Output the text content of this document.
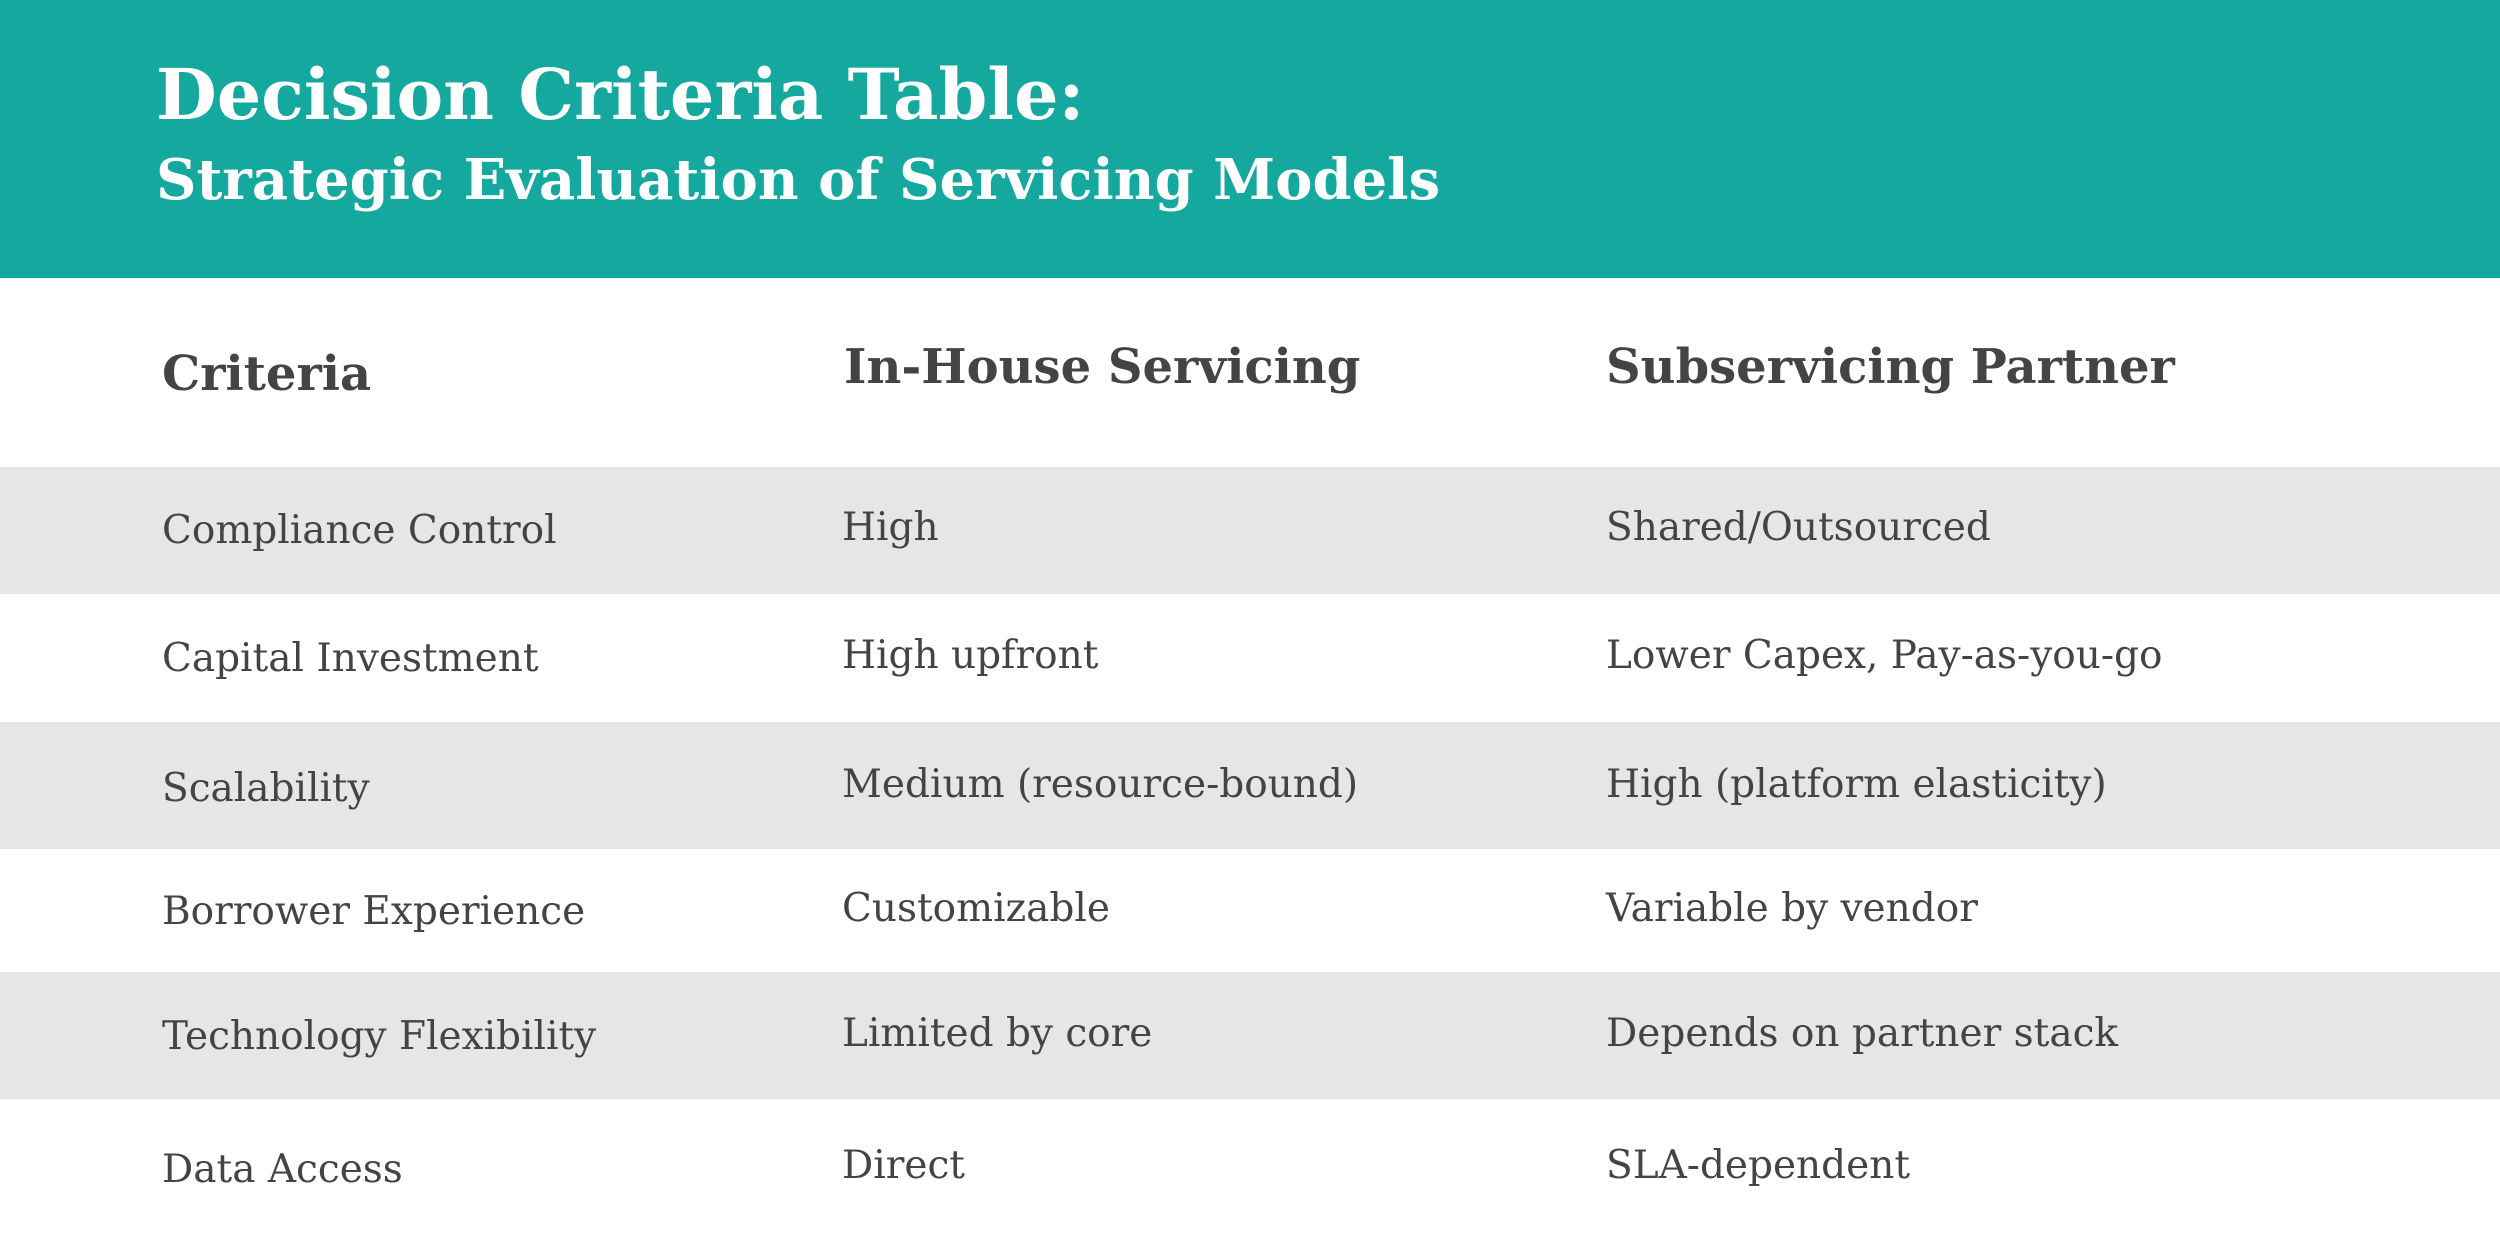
Decision Criteria Table:
Strategic Evaluation of Servicing Models
Criteria	In-House Servicing	Subservicing Partner
Compliance Control	High	Shared/Outsourced
Capital Investment	High upfront	Lower Capex, Pay-as-you-go
Scalability	Medium (resource-bound)	High (platform elasticity)
Borrower Experience	Customizable	Variable by vendor
Technology Flexibility	Limited by core	Depends on partner stack
Data Access	Direct	SLA-dependent
